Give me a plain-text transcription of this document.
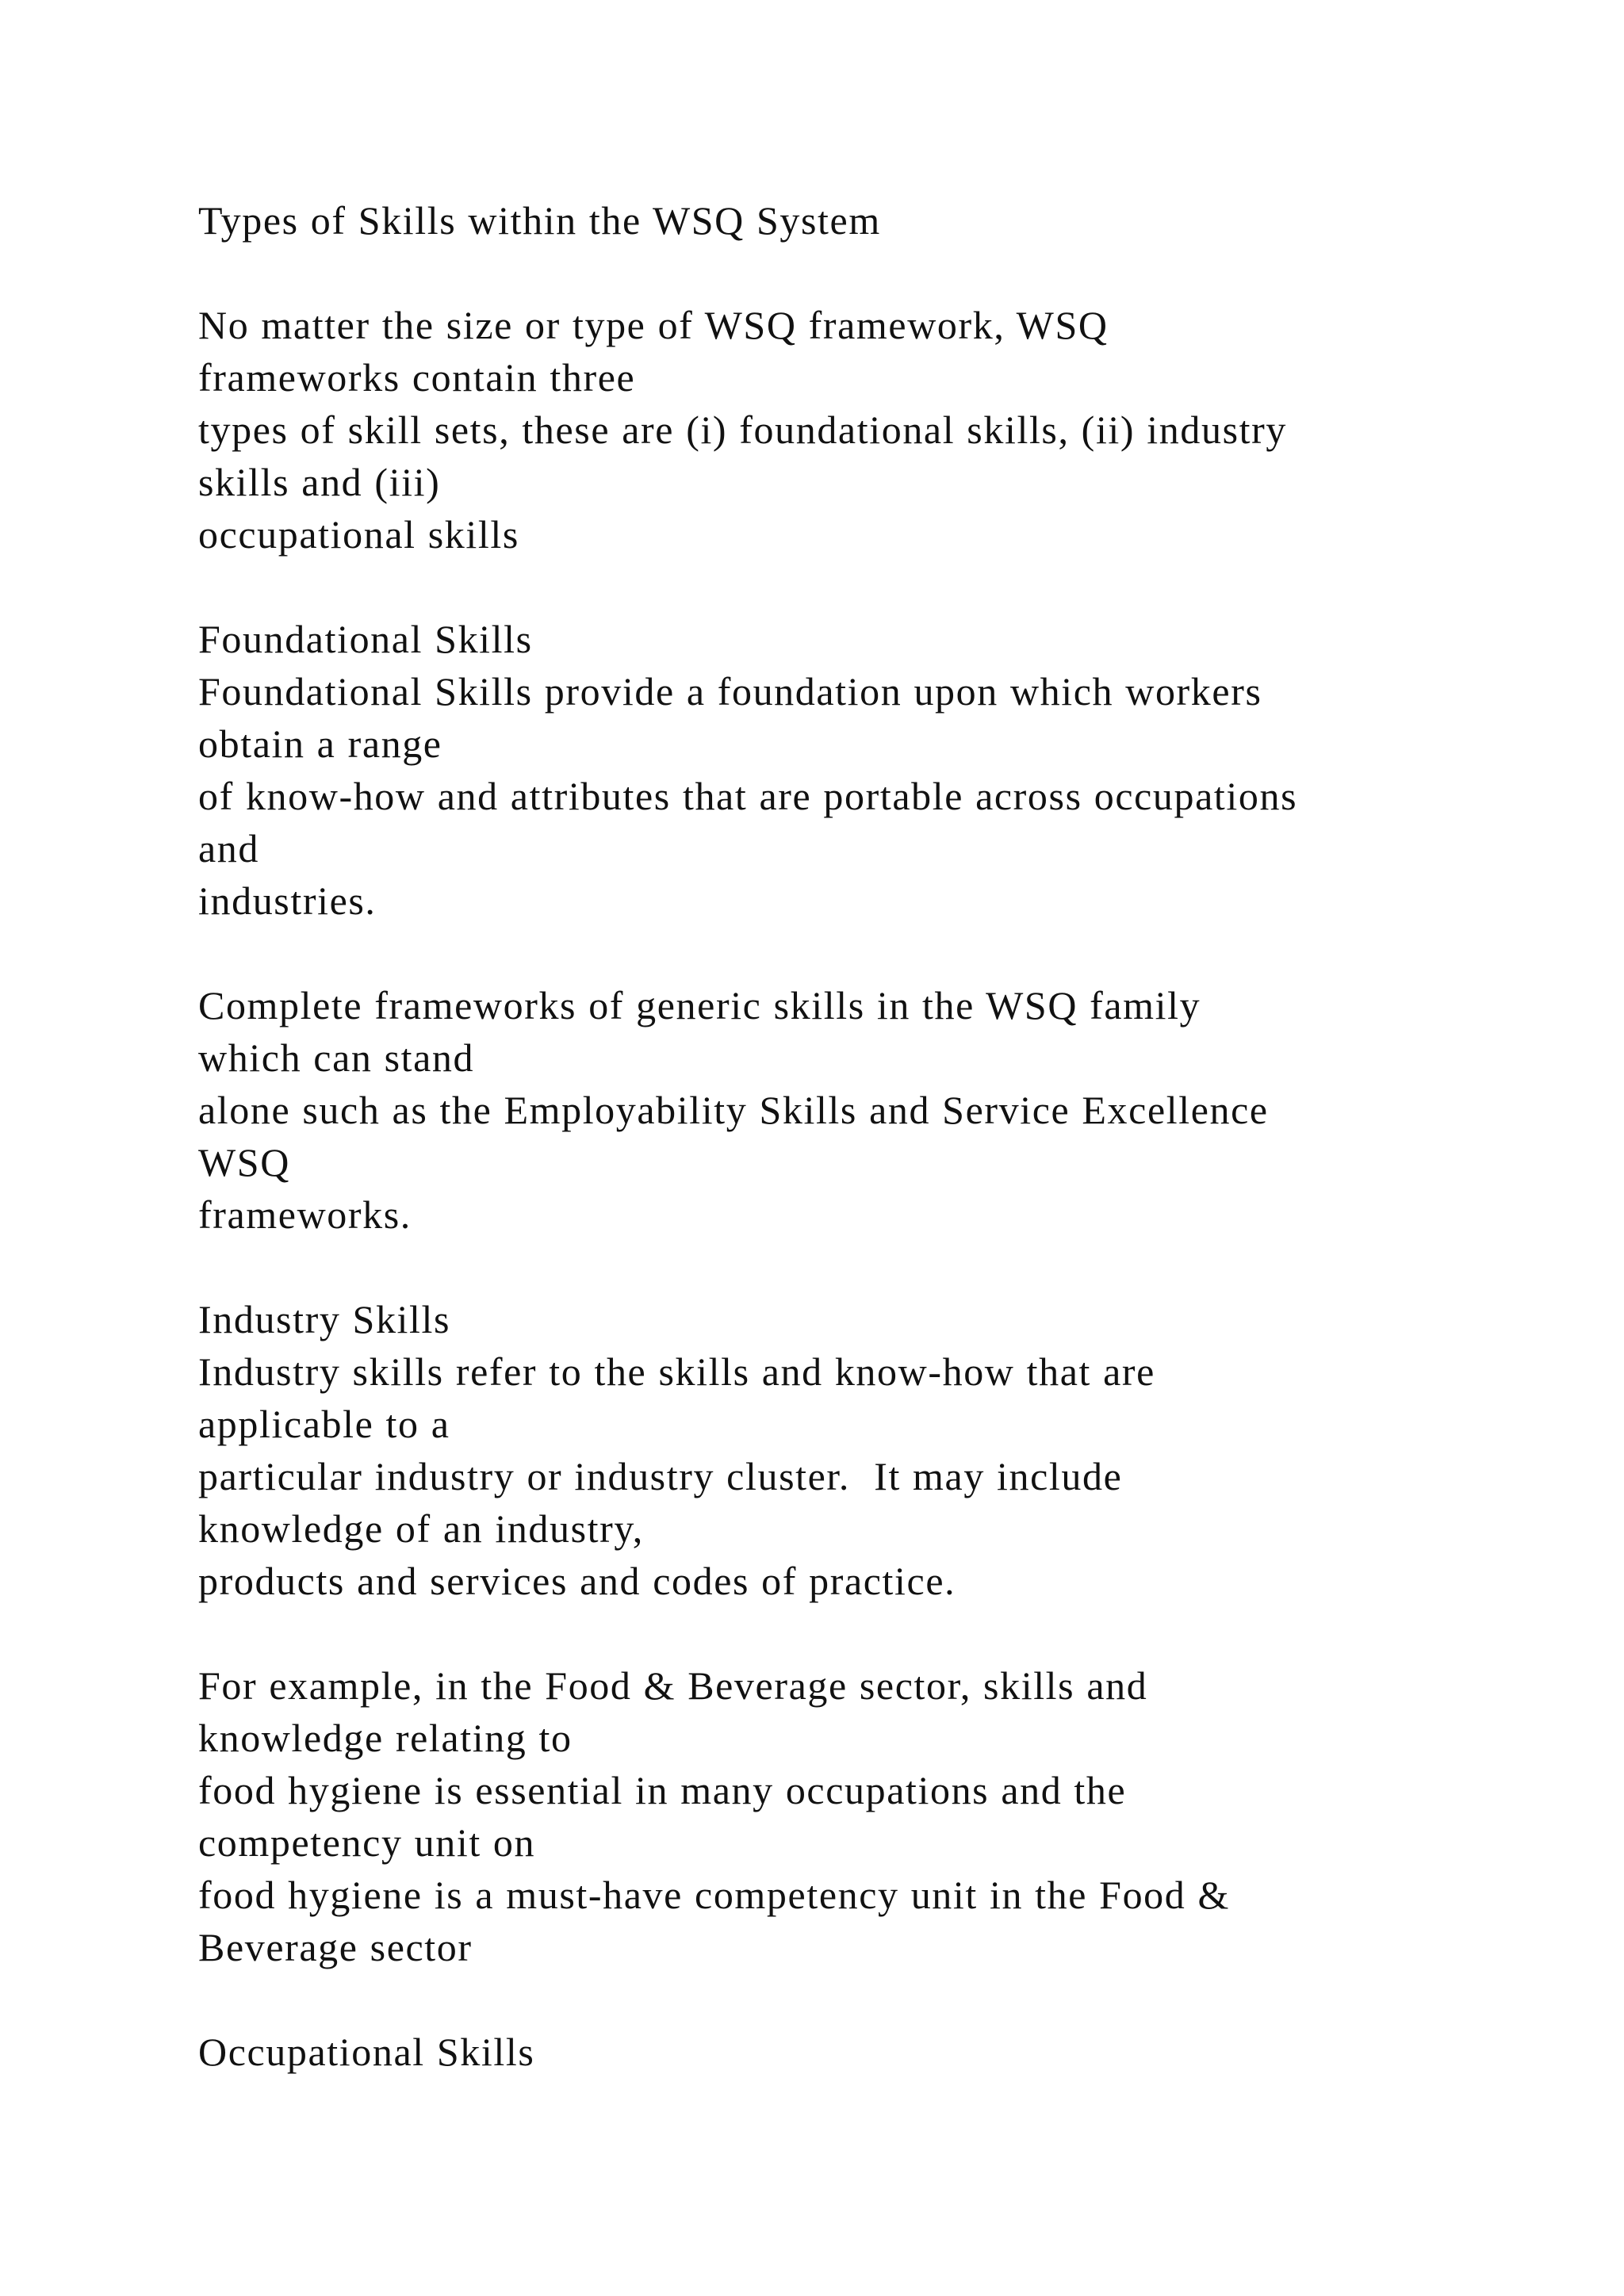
Types of Skills within the WSQ System
No matter the size or type of WSQ framework, WSQ
frameworks contain three
types of skill sets, these are (i) foundational skills, (ii) industry
skills and (iii)
occupational skills
Foundational Skills
Foundational Skills provide a foundation upon which workers
obtain a range
of know-how and attributes that are portable across occupations
and
industries.
Complete frameworks of generic skills in the WSQ family
which can stand
alone such as the Employability Skills and Service Excellence
WSQ
frameworks.
Industry Skills
Industry skills refer to the skills and know-how that are
applicable to a
particular industry or industry cluster.  It may include
knowledge of an industry,
products and services and codes of practice.
For example, in the Food & Beverage sector, skills and
knowledge relating to
food hygiene is essential in many occupations and the
competency unit on
food hygiene is a must-have competency unit in the Food &
Beverage sector
Occupational Skills
